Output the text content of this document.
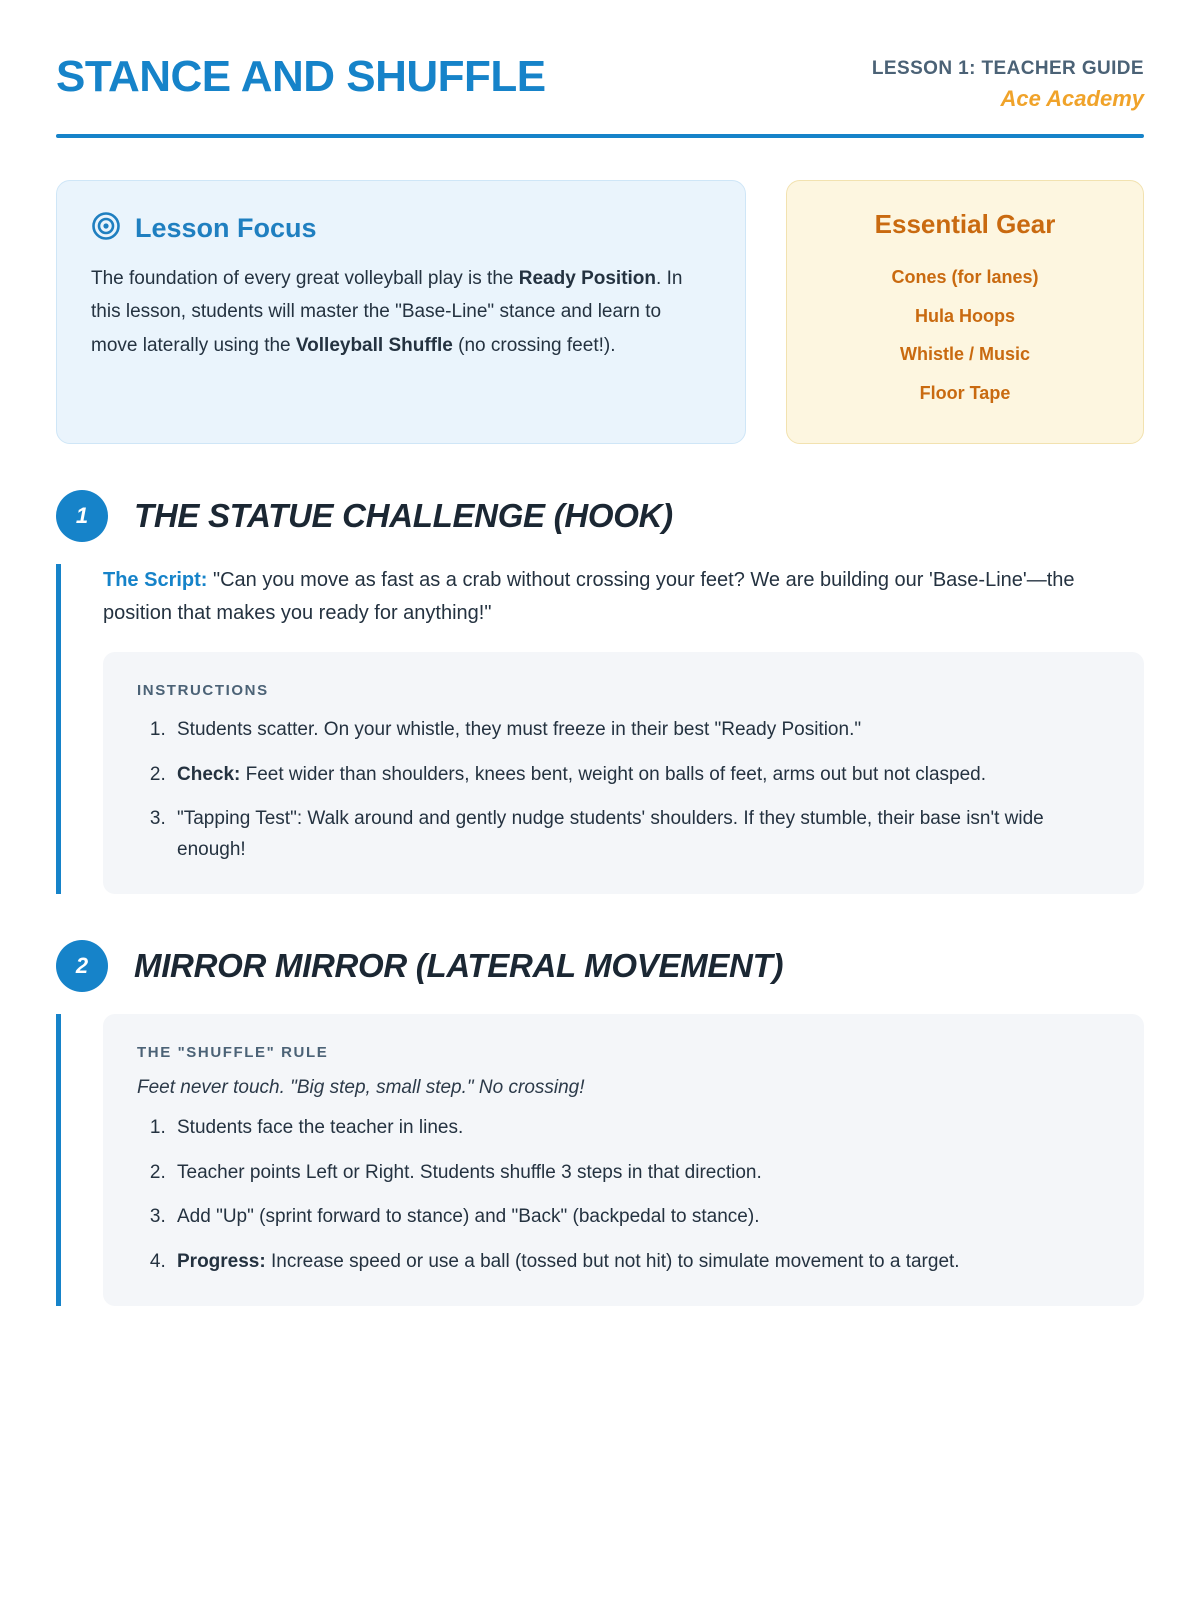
STANCE AND SHUFFLE	LESSON 1: TEACHER GUIDE
Ace Academy
Lesson Focus
The foundation of every great volleyball play is the Ready Position. In this lesson, students will master the "Base-Line" stance and learn to move laterally using the Volleyball Shuffle (no crossing feet!).
Essential Gear
Cones (for lanes)
Hula Hoops
Whistle / Music
Floor Tape
1	THE STATUE CHALLENGE (HOOK)

The Script: "Can you move as fast as a crab without crossing your feet? We are building our 'Base-Line'—the position that makes you ready for anything!"

INSTRUCTIONS
1. Students scatter. On your whistle, they must freeze in their best "Ready Position."
2. Check: Feet wider than shoulders, knees bent, weight on balls of feet, arms out but not clasped.
3. "Tapping Test": Walk around and gently nudge students' shoulders. If they stumble, their base isn't wide enough!
2	MIRROR MIRROR (LATERAL MOVEMENT)
THE "SHUFFLE" RULE
Feet never touch. "Big step, small step." No crossing!
1. Students face the teacher in lines.
2. Teacher points Left or Right. Students shuffle 3 steps in that direction.
3. Add "Up" (sprint forward to stance) and "Back" (backpedal to stance).
4. Progress: Increase speed or use a ball (tossed but not hit) to simulate movement to a target.
